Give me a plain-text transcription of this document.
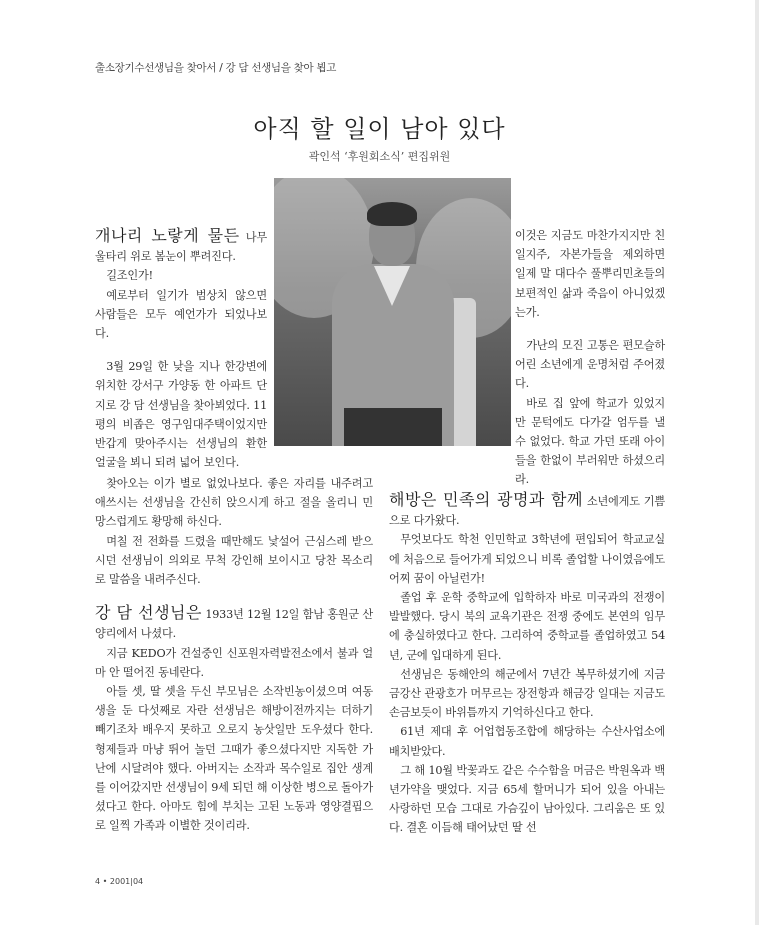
출소장기수선생님을 찾아서 / 강 담 선생님을 찾아 뵙고
아직 할 일이 남아 있다
곽인석 ‘후원회소식’ 편집위원

개나리 노랗게 물든 나무울타리 위로 봄눈이 뿌려진다.

길조인가!

예로부터 일기가 범상치 않으면 사람들은 모두 예언가가 되었나보다.

3월 29일 한 낮을 지나 한강변에 위치한 강서구 가양동 한 아파트 단지로 강 담 선생님을 찾아뵈었다. 11평의 비좁은 영구임대주택이었지만 반갑게 맞아주시는 선생님의 환한 얼굴을 뵈니 되려 넓어 보인다.

찾아오는 이가 별로 없었나보다. 좋은 자리를 내주려고 애쓰시는 선생님을 간신히 앉으시게 하고 절을 올리니 민망스럽게도 황망해 하신다.

며칠 전 전화를 드렸을 때만해도 낯설어 근심스레 받으시던 선생님이 의외로 무척 강인해 보이시고 당찬 목소리로 말씀을 내려주신다.

강 담 선생님은 1933년 12월 12일 함남 홍원군 산양리에서 나셨다.

지금 KEDO가 건설중인 신포원자력발전소에서 불과 얼마 안 떨어진 동네란다.

아들 셋, 딸 셋을 두신 부모님은 소작빈농이셨으며 여동생을 둔 다섯째로 자란 선생님은 해방이전까지는 더하기 빼기조차 배우지 못하고 오로지 농삿일만 도우셨다 한다. 형제들과 마냥 뛰어 놀던 그때가 좋으셨다지만 지독한 가난에 시달려야 했다. 아버지는 소작과 목수일로 집안 생계를 이어갔지만 선생님이 9세 되던 해 이상한 병으로 돌아가셨다고 한다. 아마도 힘에 부치는 고된 노동과 영양결핍으로 일찍 가족과 이별한 것이리라.

이것은 지금도 마찬가지지만 친일지주, 자본가들을 제외하면 일제 말 대다수 풀뿌리민초들의 보편적인 삶과 죽음이 아니었겠는가.

가난의 모진 고통은 편모슬하 어린 소년에게 운명처럼 주어졌다.

바로 집 앞에 학교가 있었지만 문턱에도 다가갈 엄두를 낼 수 없었다. 학교 가던 또래 아이들을 한없이 부러워만 하셨으리라.

해방은 민족의 광명과 함께 소년에게도 기쁨으로 다가왔다.

무엇보다도 학천 인민학교 3학년에 편입되어 학교교실에 처음으로 들어가게 되었으니 비록 졸업할 나이였음에도 어찌 꿈이 아닐런가!

졸업 후 운학 중학교에 입학하자 바로 미국과의 전쟁이 발발했다. 당시 북의 교육기관은 전쟁 중에도 본연의 임무에 충실하였다고 한다. 그리하여 중학교를 졸업하였고 54년, 군에 입대하게 된다.

선생님은 동해안의 해군에서 7년간 복무하셨기에 지금 금강산 관광호가 머무르는 장전항과 해금강 일대는 지금도 손금보듯이 바위틈까지 기억하신다고 한다.

61년 제대 후 어업협동조합에 해당하는 수산사업소에 배치받았다.

그 해 10월 박꽃과도 같은 수수함을 머금은 박원옥과 백년가약을 맺었다. 지금 65세 할머니가 되어 있을 아내는 사랑하던 모습 그대로 가슴깊이 남아있다. 그리움은 또 있다. 결혼 이듬해 태어났던 딸 선

4 • 2001|04
